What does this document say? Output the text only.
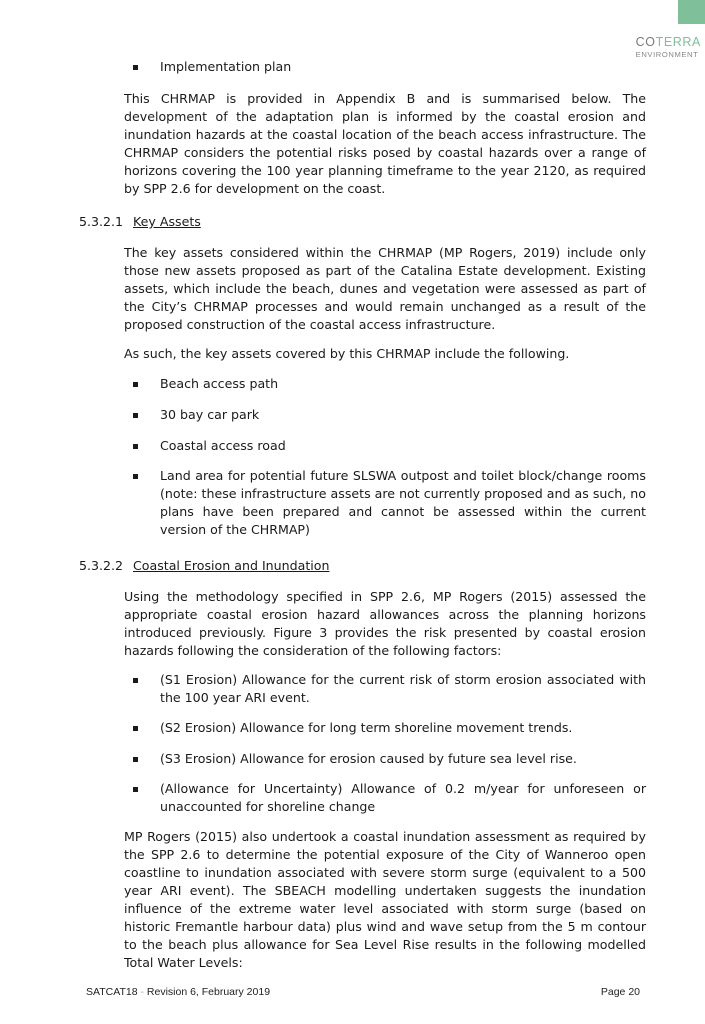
COTERRA
ENVIRONMENT
Implementation plan

This CHRMAP is provided in Appendix B and is summarised below. The development of the adaptation plan is informed by the coastal erosion and inundation hazards at the coastal location of the beach access infrastructure. The CHRMAP considers the potential risks posed by coastal hazards over a range of horizons covering the 100 year planning timeframe to the year 2120, as required by SPP 2.6 for development on the coast.

5.3.2.1 Key Assets

The key assets considered within the CHRMAP (MP Rogers, 2019) include only those new assets proposed as part of the Catalina Estate development. Existing assets, which include the beach, dunes and vegetation were assessed as part of the City’s CHRMAP processes and would remain unchanged as a result of the proposed construction of the coastal access infrastructure.

As such, the key assets covered by this CHRMAP include the following.

Beach access path
30 bay car park
Coastal access road
Land area for potential future SLSWA outpost and toilet block/change rooms (note: these infrastructure assets are not currently proposed and as such, no plans have been prepared and cannot be assessed within the current version of the CHRMAP)
5.3.2.2 Coastal Erosion and Inundation

Using the methodology specified in SPP 2.6, MP Rogers (2015) assessed the appropriate coastal erosion hazard allowances across the planning horizons introduced previously. Figure 3 provides the risk presented by coastal erosion hazards following the consideration of the following factors:

(S1 Erosion) Allowance for the current risk of storm erosion associated with the 100 year ARI event.
(S2 Erosion) Allowance for long term shoreline movement trends.
(S3 Erosion) Allowance for erosion caused by future sea level rise.
(Allowance for Uncertainty) Allowance of 0.2 m/year for unforeseen or unaccounted for shoreline change

MP Rogers (2015) also undertook a coastal inundation assessment as required by the SPP 2.6 to determine the potential exposure of the City of Wanneroo open coastline to inundation associated with severe storm surge (equivalent to a 500 year ARI event). The SBEACH modelling undertaken suggests the inundation influence of the extreme water level associated with storm surge (based on historic Fremantle harbour data) plus wind and wave setup from the 5 m contour to the beach plus allowance for Sea Level Rise results in the following modelled Total Water Levels:

SATCAT18 - Revision 6, February 2019	Page 20
